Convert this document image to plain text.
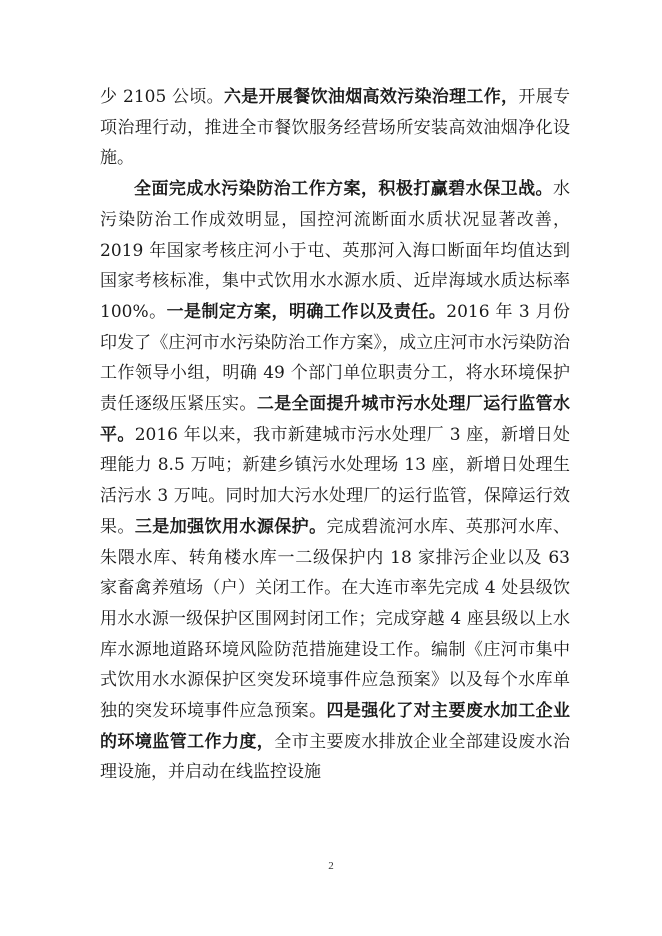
少 2105 公顷。六是开展餐饮油烟高效污染治理工作，开展专项治理行动，推进全市餐饮服务经营场所安装高效油烟净化设施。

全面完成水污染防治工作方案，积极打赢碧水保卫战。水污染防治工作成效明显，国控河流断面水质状况显著改善，2019 年国家考核庄河小于屯、英那河入海口断面年均值达到国家考核标准，集中式饮用水水源水质、近岸海域水质达标率 100%。一是制定方案，明确工作以及责任。2016 年 3 月份印发了《庄河市水污染防治工作方案》，成立庄河市水污染防治工作领导小组，明确 49 个部门单位职责分工，将水环境保护责任逐级压紧压实。二是全面提升城市污水处理厂运行监管水平。2016 年以来，我市新建城市污水处理厂 3 座，新增日处理能力 8.5 万吨；新建乡镇污水处理场 13 座，新增日处理生活污水 3 万吨。同时加大污水处理厂的运行监管，保障运行效果。三是加强饮用水源保护。完成碧流河水库、英那河水库、朱隈水库、转角楼水库一二级保护内 18 家排污企业以及 63 家畜禽养殖场（户）关闭工作。在大连市率先完成 4 处县级饮用水水源一级保护区围网封闭工作；完成穿越 4 座县级以上水库水源地道路环境风险防范措施建设工作。编制《庄河市集中式饮用水水源保护区突发环境事件应急预案》以及每个水库单独的突发环境事件应急预案。四是强化了对主要废水加工企业的环境监管工作力度，全市主要废水排放企业全部建设废水治理设施，并启动在线监控设施

2
